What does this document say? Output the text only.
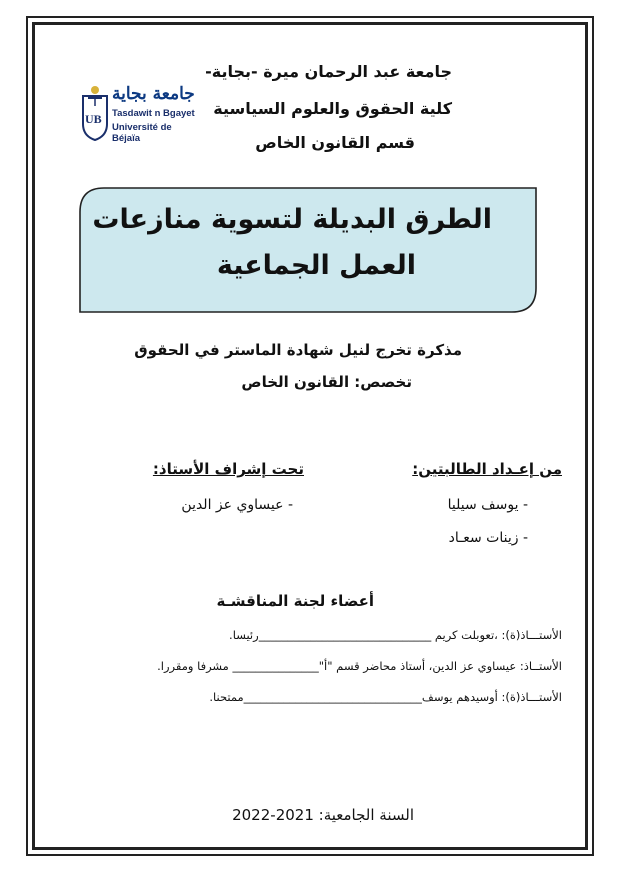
جامعة عبد الرحمان ميرة -بجاية-
كلية الحقوق والعلوم السياسية
قسم القانون الخاص
UB
جامعة بجاية
Tasdawit n Bgayet
Université de Béjaïa
الطرق البديلة لتسوية منازعات
العمل الجماعية
مذكرة تخرج لنيل شهادة الماستر في الحقوق
تخصص: القانون الخاص
من إعـداد الطالبتين:
- يوسف سيليا
- زينات سعـاد
تحت إشراف الأستاذ:
- عيساوي عز الدين
أعضاء لجنة المناقشـة
الأستـــاذ(ة): ،تعوبلت كريم ______________________________رئيسا.
الأستــاذ: عيساوي عز الدين، أستاذ محاضر قسم "أ"_______________ مشرفا ومقررا.
الأستـــاذ(ة): أوسيدهم يوسف_______________________________ممتحنا.
السنة الجامعية: 2021-2022
